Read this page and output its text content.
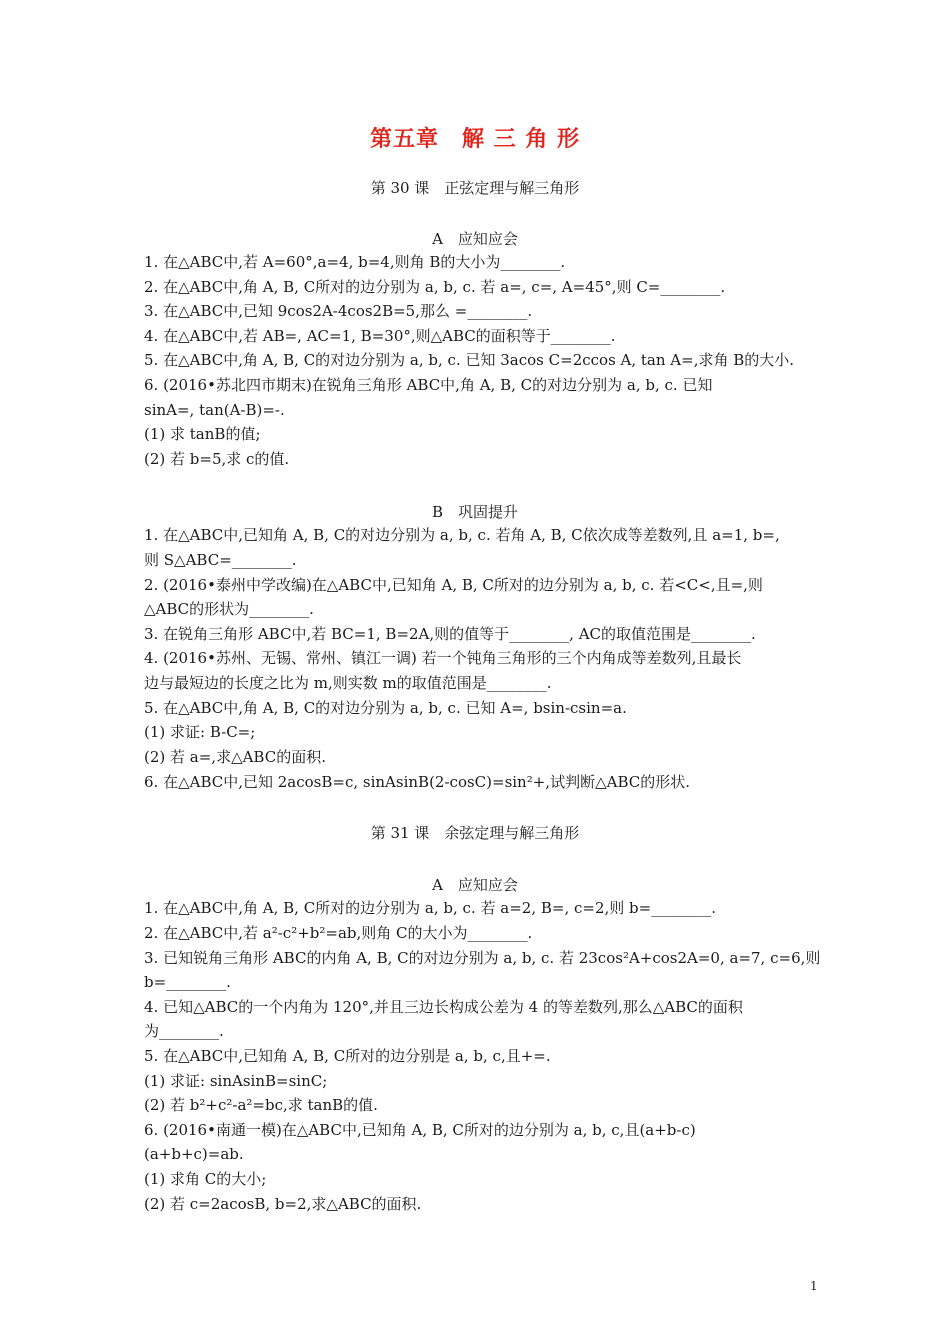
第五章　解 三 角 形
第 30 课　正弦定理与解三角形
A　应知应会
1. 在△ABC中,若 A=60°,a=4, b=4,则角 B的大小为________.
2. 在△ABC中,角 A, B, C所对的边分别为 a, b, c. 若 a=, c=, A=45°,则 C=________.
3. 在△ABC中,已知 9cos2A-4cos2B=5,那么 =________.
4. 在△ABC中,若 AB=, AC=1, B=30°,则△ABC的面积等于________.
5. 在△ABC中,角 A, B, C的对边分别为 a, b, c. 已知 3acos C=2ccos A, tan A=,求角 B的大小.
6. (2016•苏北四市期末)在锐角三角形 ABC中,角 A, B, C的对边分别为 a, b, c. 已知
sinA=, tan(A-B)=-.
(1) 求 tanB的值;
(2) 若 b=5,求 c的值.
B　巩固提升
1. 在△ABC中,已知角 A, B, C的对边分别为 a, b, c. 若角 A, B, C依次成等差数列,且 a=1, b=,
则 S△ABC=________.
2. (2016•泰州中学改编)在△ABC中,已知角 A, B, C所对的边分别为 a, b, c. 若<C<,且=,则
△ABC的形状为________.
3. 在锐角三角形 ABC中,若 BC=1, B=2A,则的值等于________, AC的取值范围是________.
4. (2016•苏州、无锡、常州、镇江一调) 若一个钝角三角形的三个内角成等差数列,且最长
边与最短边的长度之比为 m,则实数 m的取值范围是________.
5. 在△ABC中,角 A, B, C的对边分别为 a, b, c. 已知 A=, bsin-csin=a.
(1) 求证: B-C=;
(2) 若 a=,求△ABC的面积.
6. 在△ABC中,已知 2acosB=c, sinAsinB(2-cosC)=sin²+,试判断△ABC的形状.
第 31 课　余弦定理与解三角形
A　应知应会
1. 在△ABC中,角 A, B, C所对的边分别为 a, b, c. 若 a=2, B=, c=2,则 b=________.
2. 在△ABC中,若 a²-c²+b²=ab,则角 C的大小为________.
3. 已知锐角三角形 ABC的内角 A, B, C的对边分别为 a, b, c. 若 23cos²A+cos2A=0, a=7, c=6,则
b=________.
4. 已知△ABC的一个内角为 120°,并且三边长构成公差为 4 的等差数列,那么△ABC的面积
为________.
5. 在△ABC中,已知角 A, B, C所对的边分别是 a, b, c,且+=.
(1) 求证: sinAsinB=sinC;
(2) 若 b²+c²-a²=bc,求 tanB的值.
6. (2016•南通一模)在△ABC中,已知角 A, B, C所对的边分别为 a, b, c,且(a+b-c)
(a+b+c)=ab.
(1) 求角 C的大小;
(2) 若 c=2acosB, b=2,求△ABC的面积.
1
